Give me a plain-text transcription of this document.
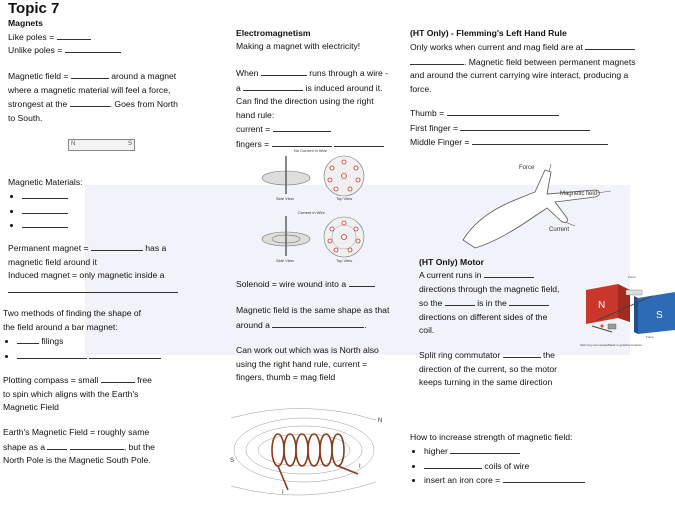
Topic 7
Magnets
Like poles =
Unlike poles =
Magnetic field =	around a magnet
where a magnetic material will feel a force,
strongest at the	. Goes from North
to South.
N	S
Magnetic Materials:
•
•
•
Permanent magnet =	has a
magnetic field around it
Induced magnet = only magnetic inside a

Two methods of finding the shape of
the field around a bar magnet:
• filings
•
Plotting compass = small	free
to spin which aligns with the Earth's
Magnetic Field
Earth's Magnetic Field = roughly same
shape as a	, but the
North Pole is the Magnetic South Pole.
Electromagnetism
Making a magnet with electricity!
When	runs through a wire -
a	is induced around it.
Can find the direction using the right
hand rule:
current =
fingers =
No Current in Wire
Side View	Top View
Current in Wire
Side View	Top View
Solenoid = wire wound into a
Magnetic field is the same shape as that
around a	.
Can work out which was is North also
using the right hand rule, current =
fingers, thumb = mag field
N
S
I
I
(HT Only) - Flemming's Left Hand Rule
Only works when current and mag field are at
. Magnetic field between permanent magnets
and around the current carrying wire interact, producing a
force.
Thumb =
First finger =
Middle Finger =
Force
Magnetic field
Current
(HT Only) Motor
A current runs in
directions through the magnetic field,
so the	is in the
directions on different sides of the
coil.
N
S
Split ring commutator Metal or graphite brushes
Force
Force
Split ring commutator	the
direction of the current, so the motor
keeps turning in the same direction
How to increase strength of magnetic field:
• higher
• coils of wire
• insert an iron core =
